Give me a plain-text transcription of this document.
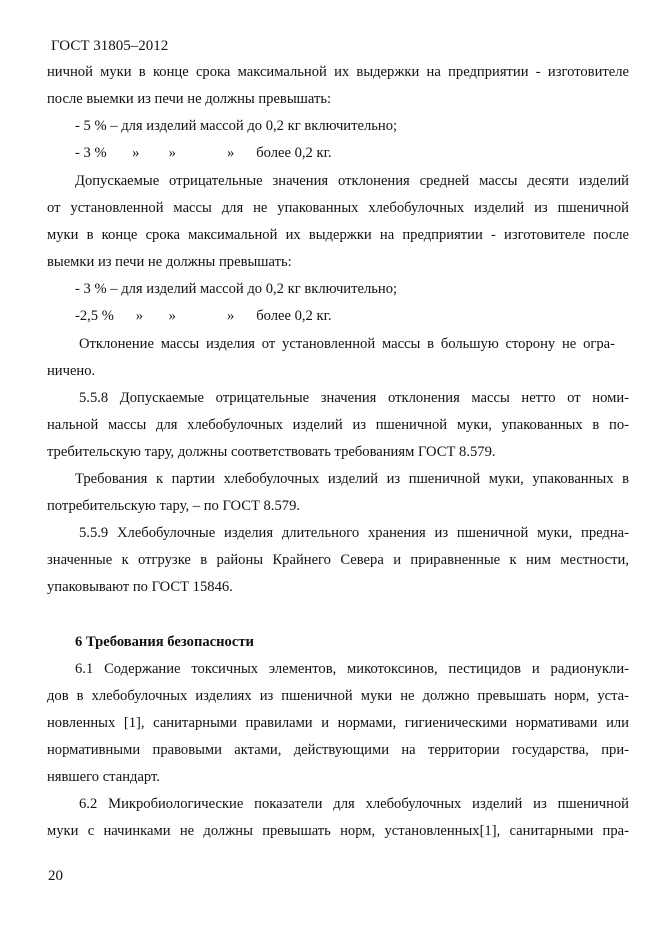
ГОСТ 31805–2012
ничной муки в конце срока максимальной их выдержки на предприятии - изготовителе
после выемки из печи не должны превышать:
- 5 % – для изделий массой до 0,2 кг включительно;
- 3 %       »        »              »      более 0,2 кг.
Допускаемые отрицательные значения отклонения средней массы десяти изделий
от установленной массы для не упакованных хлебобулочных изделий из пшеничной
муки в конце срока максимальной их выдержки на предприятии - изготовителе после
выемки из печи не должны превышать:
- 3 % – для изделий массой до 0,2 кг включительно;
-2,5 %      »       »              »      более 0,2 кг.
Отклонение массы изделия от установленной массы в большую сторону не огра-
ничено.
5.5.8 Допускаемые отрицательные значения отклонения массы нетто от номи-
нальной массы для хлебобулочных изделий из пшеничной муки, упакованных в по-
требительскую тару, должны соответствовать требованиям ГОСТ 8.579.
Требования к партии хлебобулочных изделий из пшеничной муки, упакованных в
потребительскую тару, – по ГОСТ 8.579.
5.5.9 Хлебобулочные изделия длительного хранения из пшеничной муки, предна-
значенные к отгрузке в районы Крайнего Севера и приравненные к ним местности,
упаковывают по ГОСТ 15846.
6 Требования безопасности
6.1 Содержание токсичных элементов, микотоксинов, пестицидов и радионукли-
дов в хлебобулочных изделиях из пшеничной муки не должно превышать норм, уста-
новленных [1], санитарными правилами и нормами, гигиеническими нормативами или
нормативными правовыми актами, действующими на территории государства, при-
нявшего стандарт.
6.2 Микробиологические показатели для хлебобулочных изделий из пшеничной
муки с начинками не должны превышать норм, установленных[1], санитарными пра-
20
